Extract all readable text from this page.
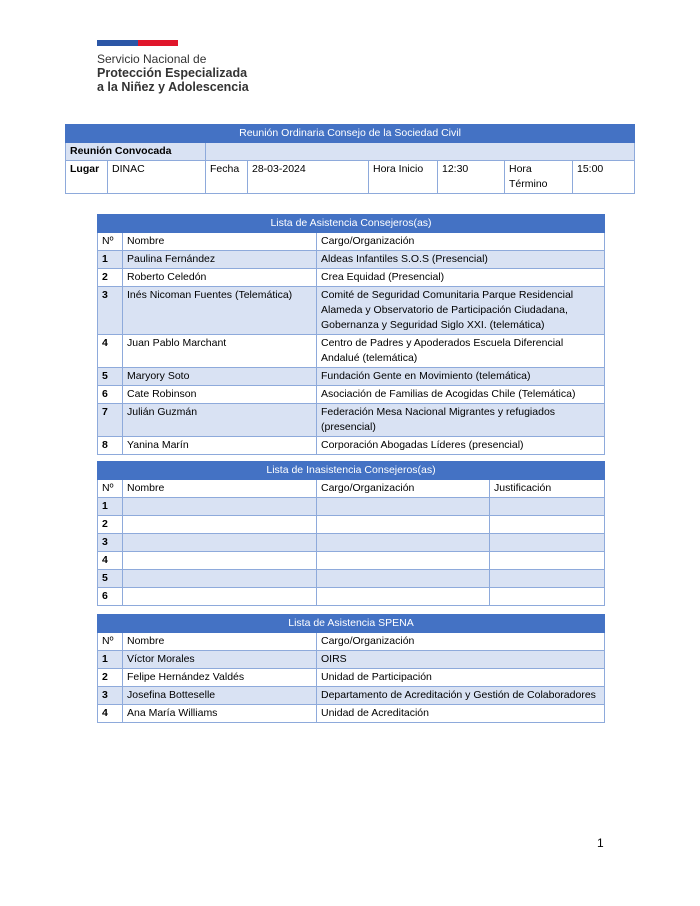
Servicio Nacional de
Protección Especializada
a la Niñez y Adolescencia
Reunión Ordinaria Consejo de la Sociedad Civil							
Reunión Convocada							
Lugar	DINAC	Fecha	28-03-2024	Hora Inicio	12:30	Hora Término	15:00
Lista de Asistencia Consejeros(as)		
Nº	Nombre	Cargo/Organización
1	Paulina Fernández	Aldeas Infantiles S.O.S (Presencial)
2	Roberto Celedón	Crea Equidad (Presencial)
3	Inés Nicoman Fuentes (Telemática)	Comité de Seguridad Comunitaria Parque Residencial Alameda y Observatorio de Participación Ciudadana, Gobernanza y Seguridad Siglo XXI. (telemática)
4	Juan Pablo Marchant	Centro de Padres y Apoderados Escuela Diferencial Andalué (telemática)
5	Maryory Soto	Fundación Gente en Movimiento (telemática)
6	Cate Robinson	Asociación de Familias de Acogidas Chile (Telemática)
7	Julián Guzmán	Federación Mesa Nacional Migrantes y refugiados (presencial)
8	Yanina Marín	Corporación Abogadas Líderes (presencial)
Lista de Inasistencia Consejeros(as)			
Nº	Nombre	Cargo/Organización	Justificación
1			
2			
3			
4			
5			
6			
Lista de Asistencia SPENA		
Nº	Nombre	Cargo/Organización
1	Víctor Morales	OIRS
2	Felipe Hernández Valdés	Unidad de Participación
3	Josefina Botteselle	Departamento de Acreditación y Gestión de Colaboradores
4	Ana María Williams	Unidad de Acreditación
1
